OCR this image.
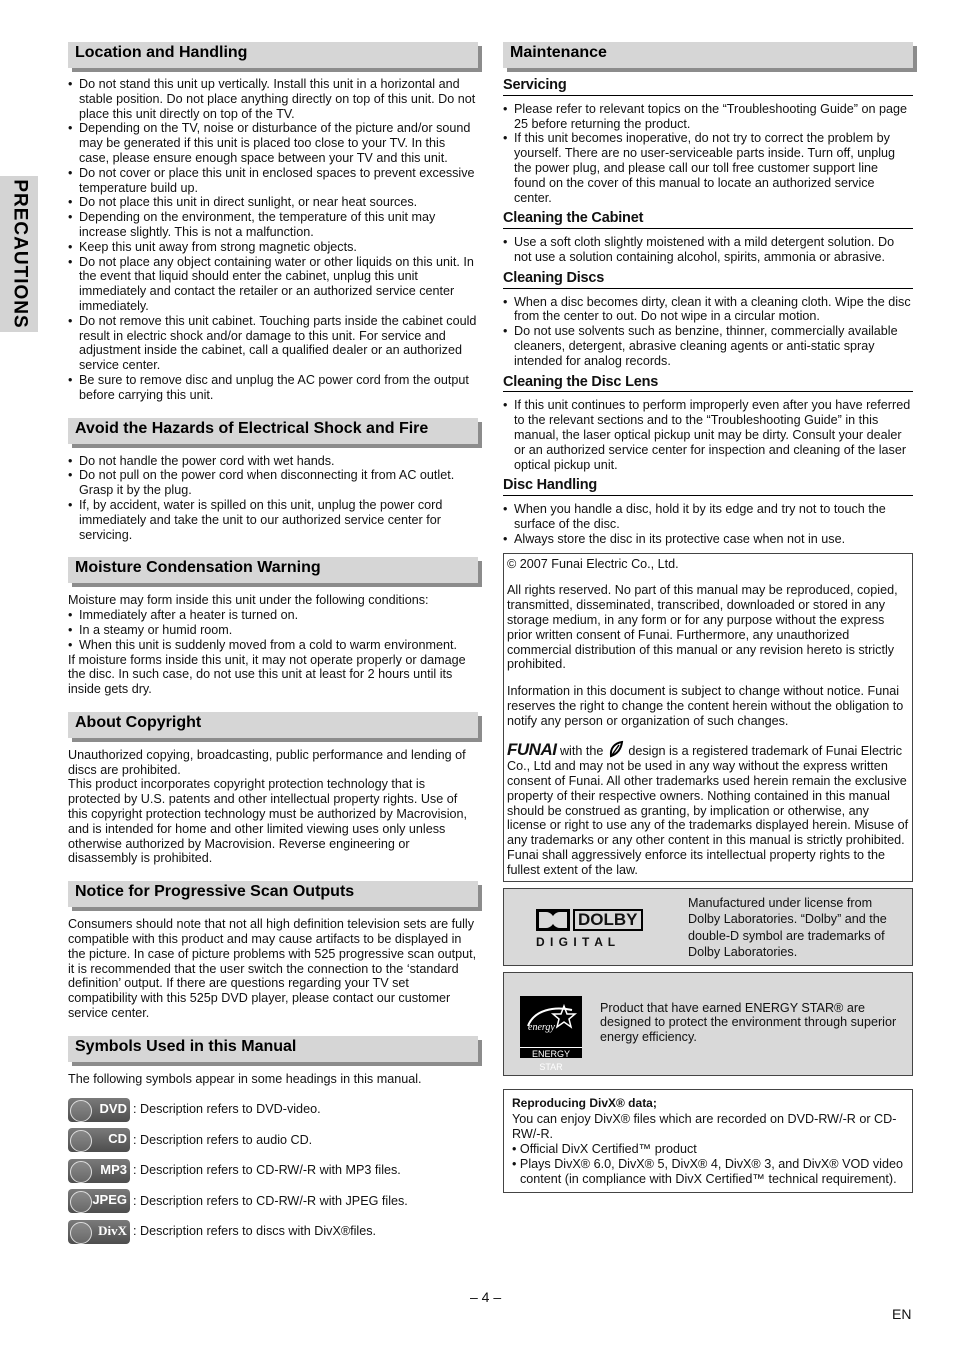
PRECAUTIONS
Location and Handling
• Do not stand this unit up vertically. Install this unit in a horizontal and stable position. Do not place anything directly on top of this unit. Do not place this unit directly on top of the TV.
• Depending on the TV, noise or disturbance of the picture and/or sound may be generated if this unit is placed too close to your TV. In this case, please ensure enough space between your TV and this unit.
• Do not cover or place this unit in enclosed spaces to prevent excessive temperature build up.
• Do not place this unit in direct sunlight, or near heat sources.
• Depending on the environment, the temperature of this unit may increase slightly. This is not a malfunction.
• Keep this unit away from strong magnetic objects.
• Do not place any object containing water or other liquids on this unit. In the event that liquid should enter the cabinet, unplug this unit immediately and contact the retailer or an authorized service center immediately.
• Do not remove this unit cabinet. Touching parts inside the cabinet could result in electric shock and/or damage to this unit. For service and adjustment inside the cabinet, call a qualified dealer or an authorized service center.
• Be sure to remove disc and unplug the AC power cord from the output before carrying this unit.
Avoid the Hazards of Electrical Shock and Fire
• Do not handle the power cord with wet hands.
• Do not pull on the power cord when disconnecting it from AC outlet. Grasp it by the plug.
• If, by accident, water is spilled on this unit, unplug the power cord immediately and take the unit to our authorized service center for servicing.
Moisture Condensation Warning

Moisture may form inside this unit under the following conditions:

• Immediately after a heater is turned on.
• In a steamy or humid room.
• When this unit is suddenly moved from a cold to warm environment.

If moisture forms inside this unit, it may not operate properly or damage the disc. In such case, do not use this unit at least for 2 hours until its inside gets dry.

About Copyright

Unauthorized copying, broadcasting, public performance and lending of discs are prohibited.

This product incorporates copyright protection technology that is protected by U.S. patents and other intellectual property rights. Use of this copyright protection technology must be authorized by Macrovision, and is intended for home and other limited viewing uses only unless otherwise authorized by Macrovision. Reverse engineering or disassembly is prohibited.

Notice for Progressive Scan Outputs

Consumers should note that not all high definition television sets are fully compatible with this product and may cause artifacts to be displayed in the picture. In case of picture problems with 525 progressive scan output, it is recommended that the user switch the connection to the ‘standard definition’ output. If there are questions regarding your TV set compatibility with this 525p DVD player, please contact our customer service center.

Symbols Used in this Manual

The following symbols appear in some headings in this manual.

DVD : Description refers to DVD-video.
CD : Description refers to audio CD.
MP3 : Description refers to CD-RW/-R with MP3 files.
JPEG : Description refers to CD-RW/-R with JPEG files.
DivX : Description refers to discs with DivX®files.
Maintenance
Servicing
• Please refer to relevant topics on the “Troubleshooting Guide” on page 25 before returning the product.
• If this unit becomes inoperative, do not try to correct the problem by yourself. There are no user-serviceable parts inside. Turn off, unplug the power plug, and please call our toll free customer support line found on the cover of this manual to locate an authorized service center.
Cleaning the Cabinet
• Use a soft cloth slightly moistened with a mild detergent solution. Do not use a solution containing alcohol, spirits, ammonia or abrasive.
Cleaning Discs
• When a disc becomes dirty, clean it with a cleaning cloth. Wipe the disc from the center to out. Do not wipe in a circular motion.
• Do not use solvents such as benzine, thinner, commercially available cleaners, detergent, abrasive cleaning agents or anti-static spray intended for analog records.
Cleaning the Disc Lens
• If this unit continues to perform improperly even after you have referred to the relevant sections and to the “Troubleshooting Guide” in this manual, the laser optical pickup unit may be dirty. Consult your dealer or an authorized service center for inspection and cleaning of the laser optical pickup unit.
Disc Handling
• When you handle a disc, hold it by its edge and try not to touch the surface of the disc.
• Always store the disc in its protective case when not in use.

© 2007 Funai Electric Co., Ltd.

All rights reserved. No part of this manual may be reproduced, copied, transmitted, disseminated, transcribed, downloaded or stored in any storage medium, in any form or for any purpose without the express prior written consent of Funai. Furthermore, any unauthorized commercial distribution of this manual or any revision hereto is strictly prohibited.

Information in this document is subject to change without notice. Funai reserves the right to change the content herein without the obligation to notify any person or organization of such changes.

FUNAI with the design is a registered trademark of Funai Electric Co., Ltd and may not be used in any way without the express written consent of Funai. All other trademarks used herein remain the exclusive property of their respective owners. Nothing contained in this manual should be construed as granting, by implication or otherwise, any license or right to use any of the trademarks displayed herein. Misuse of any trademarks or any other content in this manual is strictly prohibited. Funai shall aggressively enforce its intellectual property rights to the fullest extent of the law.

DOLBY
D I G I T A L

Manufactured under license from Dolby Laboratories. “Dolby” and the double-D symbol are trademarks of Dolby Laboratories.

energy
ENERGY STAR

Product that have earned ENERGY STAR® are designed to protect the environment through superior energy efficiency.

Reproducing DivX® data;

You can enjoy DivX® files which are recorded on DVD-RW/-R or CD-RW/-R.

• Official DivX Certified™ product
• Plays DivX® 6.0, DivX® 5, DivX® 4, DivX® 3, and DivX® VOD video content (in compliance with DivX Certified™ technical requirement).
– 4 –
EN
